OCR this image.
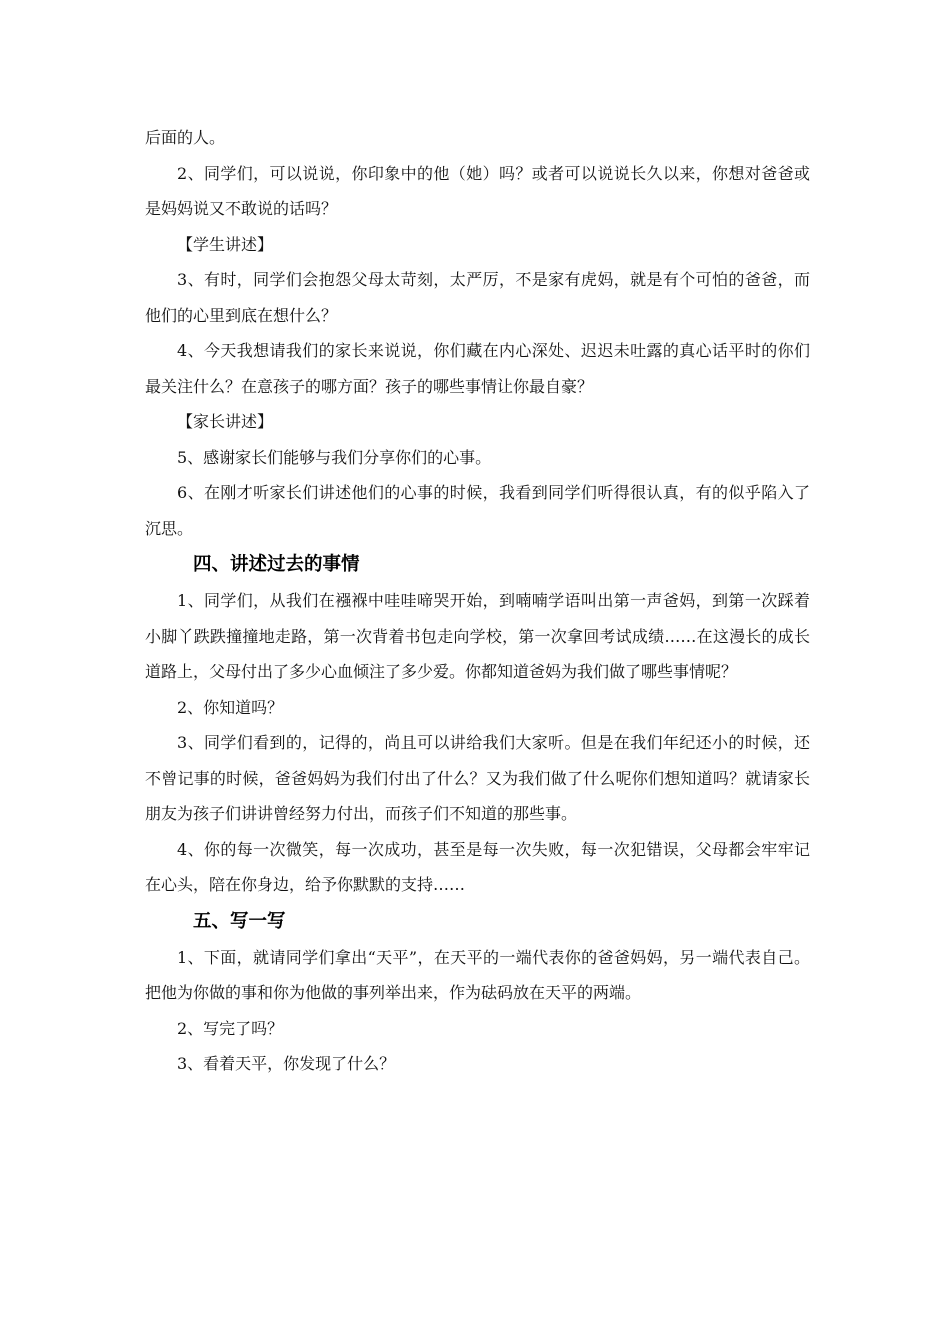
后面的人。

2、同学们，可以说说，你印象中的他（她）吗？或者可以说说长久以来，你想对爸爸或是妈妈说又不敢说的话吗？

【学生讲述】

3、有时，同学们会抱怨父母太苛刻，太严厉，不是家有虎妈，就是有个可怕的爸爸，而他们的心里到底在想什么？

4、今天我想请我们的家长来说说，你们藏在内心深处、迟迟未吐露的真心话平时的你们最关注什么？在意孩子的哪方面？孩子的哪些事情让你最自豪？

【家长讲述】

5、感谢家长们能够与我们分享你们的心事。

6、在刚才听家长们讲述他们的心事的时候，我看到同学们听得很认真，有的似乎陷入了沉思。

四、讲述过去的事情

1、同学们，从我们在襁褓中哇哇啼哭开始，到喃喃学语叫出第一声爸妈，到第一次踩着小脚丫跌跌撞撞地走路，第一次背着书包走向学校，第一次拿回考试成绩……在这漫长的成长道路上，父母付出了多少心血倾注了多少爱。你都知道爸妈为我们做了哪些事情呢？

2、你知道吗？

3、同学们看到的，记得的，尚且可以讲给我们大家听。但是在我们年纪还小的时候，还不曾记事的时候，爸爸妈妈为我们付出了什么？又为我们做了什么呢你们想知道吗？就请家长朋友为孩子们讲讲曾经努力付出，而孩子们不知道的那些事。

4、你的每一次微笑，每一次成功，甚至是每一次失败，每一次犯错误，父母都会牢牢记在心头，陪在你身边，给予你默默的支持……

五、写一写

1、下面，就请同学们拿出“天平”，在天平的一端代表你的爸爸妈妈，另一端代表自己。把他为你做的事和你为他做的事列举出来，作为砝码放在天平的两端。

2、写完了吗？

3、看着天平，你发现了什么？
